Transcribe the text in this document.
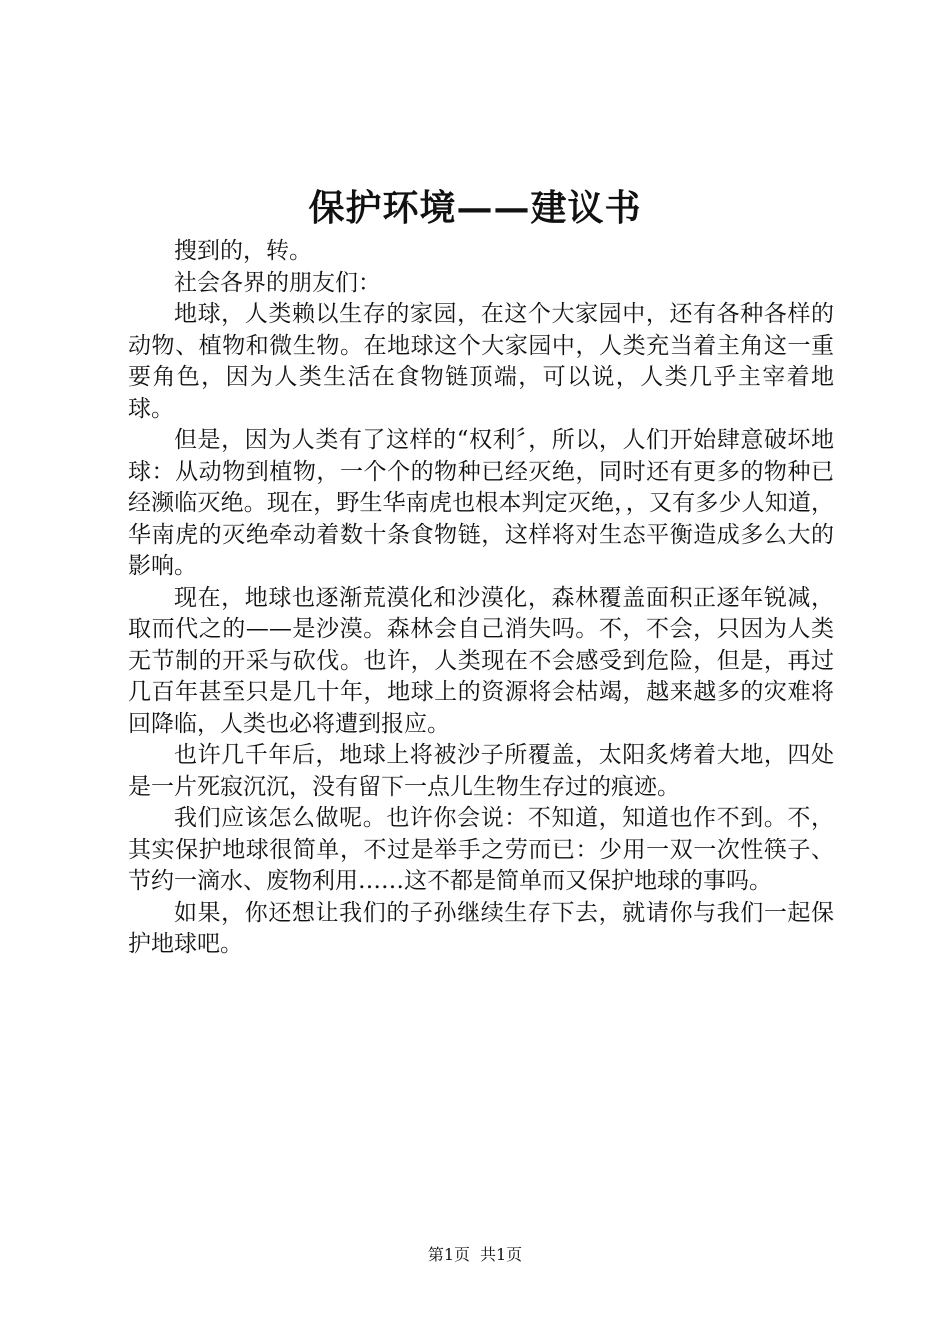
保护环境——建议书

搜到的，转。

社会各界的朋友们：

地球，人类赖以生存的家园，在这个大家园中，还有各种各样的动物、植物和微生物。在地球这个大家园中，人类充当着主角这一重要角色，因为人类生活在食物链顶端，可以说，人类几乎主宰着地球。

但是，因为人类有了这样的“权利〞，所以，人们开始肆意破坏地球：从动物到植物，一个个的物种已经灭绝，同时还有更多的物种已经濒临灭绝。现在，野生华南虎也根本判定灭绝，，又有多少人知道，华南虎的灭绝牵动着数十条食物链，这样将对生态平衡造成多么大的影响。

现在，地球也逐渐荒漠化和沙漠化，森林覆盖面积正逐年锐减，取而代之的——是沙漠。森林会自己消失吗。不，不会，只因为人类无节制的开采与砍伐。也许，人类现在不会感受到危险，但是，再过几百年甚至只是几十年，地球上的资源将会枯竭，越来越多的灾难将回降临，人类也必将遭到报应。

也许几千年后，地球上将被沙子所覆盖，太阳炙烤着大地，四处是一片死寂沉沉，没有留下一点儿生物生存过的痕迹。

我们应该怎么做呢。也许你会说：不知道，知道也作不到。不，其实保护地球很简单，不过是举手之劳而已：少用一双一次性筷子、节约一滴水、废物利用……这不都是简单而又保护地球的事吗。

如果，你还想让我们的子孙继续生存下去，就请你与我们一起保护地球吧。

第1页 共1页
